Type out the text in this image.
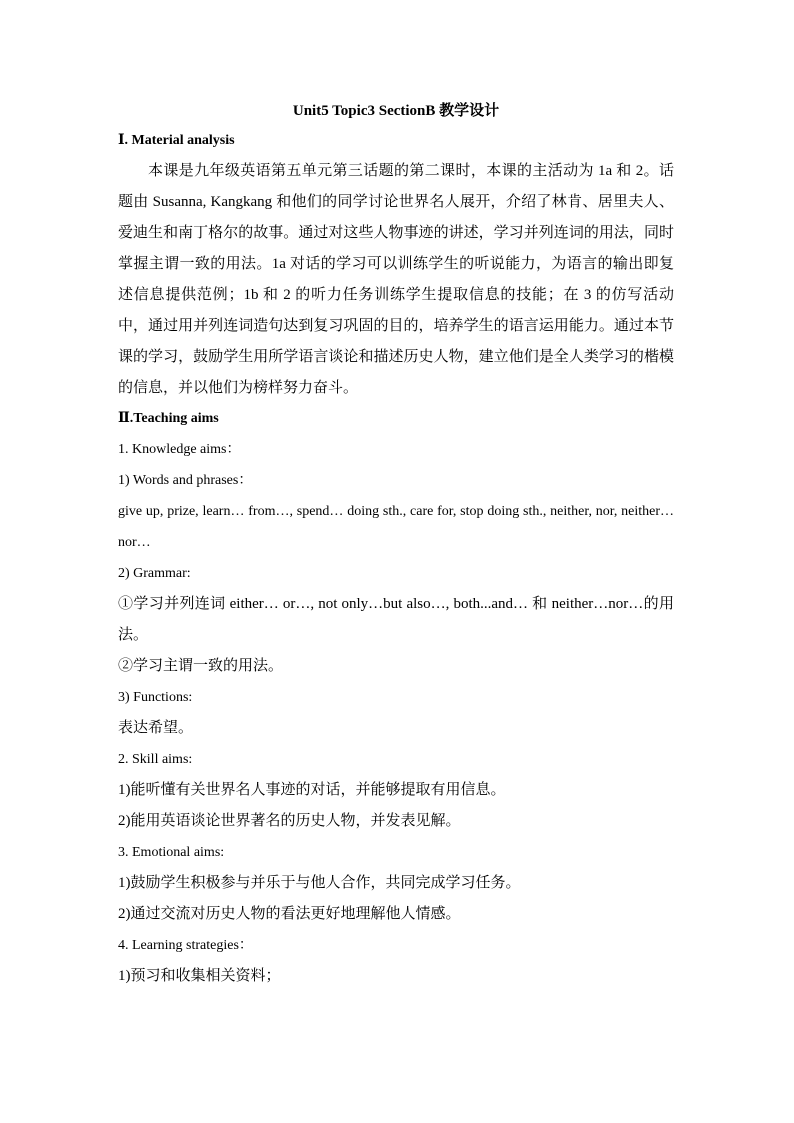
Unit5 Topic3 SectionB 教学设计

Ⅰ. Material analysis

本课是九年级英语第五单元第三话题的第二课时，本课的主活动为 1a 和 2。话题由 Susanna, Kangkang 和他们的同学讨论世界名人展开，介绍了林肯、居里夫人、爱迪生和南丁格尔的故事。通过对这些人物事迹的讲述，学习并列连词的用法，同时掌握主谓一致的用法。1a 对话的学习可以训练学生的听说能力，为语言的输出即复述信息提供范例；1b 和 2 的听力任务训练学生提取信息的技能；在 3 的仿写活动中，通过用并列连词造句达到复习巩固的目的，培养学生的语言运用能力。通过本节课的学习，鼓励学生用所学语言谈论和描述历史人物，建立他们是全人类学习的楷模的信息，并以他们为榜样努力奋斗。

Ⅱ.Teaching aims

1. Knowledge aims：

1) Words and phrases：

give up, prize, learn… from…, spend… doing sth., care for, stop doing sth., neither, nor, neither…nor…

2) Grammar:

①学习并列连词 either… or…, not only…but also…, both...and… 和 neither…nor…的用法。

②学习主谓一致的用法。

3) Functions:

表达希望。

2. Skill aims:

1)能听懂有关世界名人事迹的对话，并能够提取有用信息。

2)能用英语谈论世界著名的历史人物，并发表见解。

3. Emotional aims:

1)鼓励学生积极参与并乐于与他人合作，共同完成学习任务。

2)通过交流对历史人物的看法更好地理解他人情感。

4. Learning strategies：

1)预习和收集相关资料；
